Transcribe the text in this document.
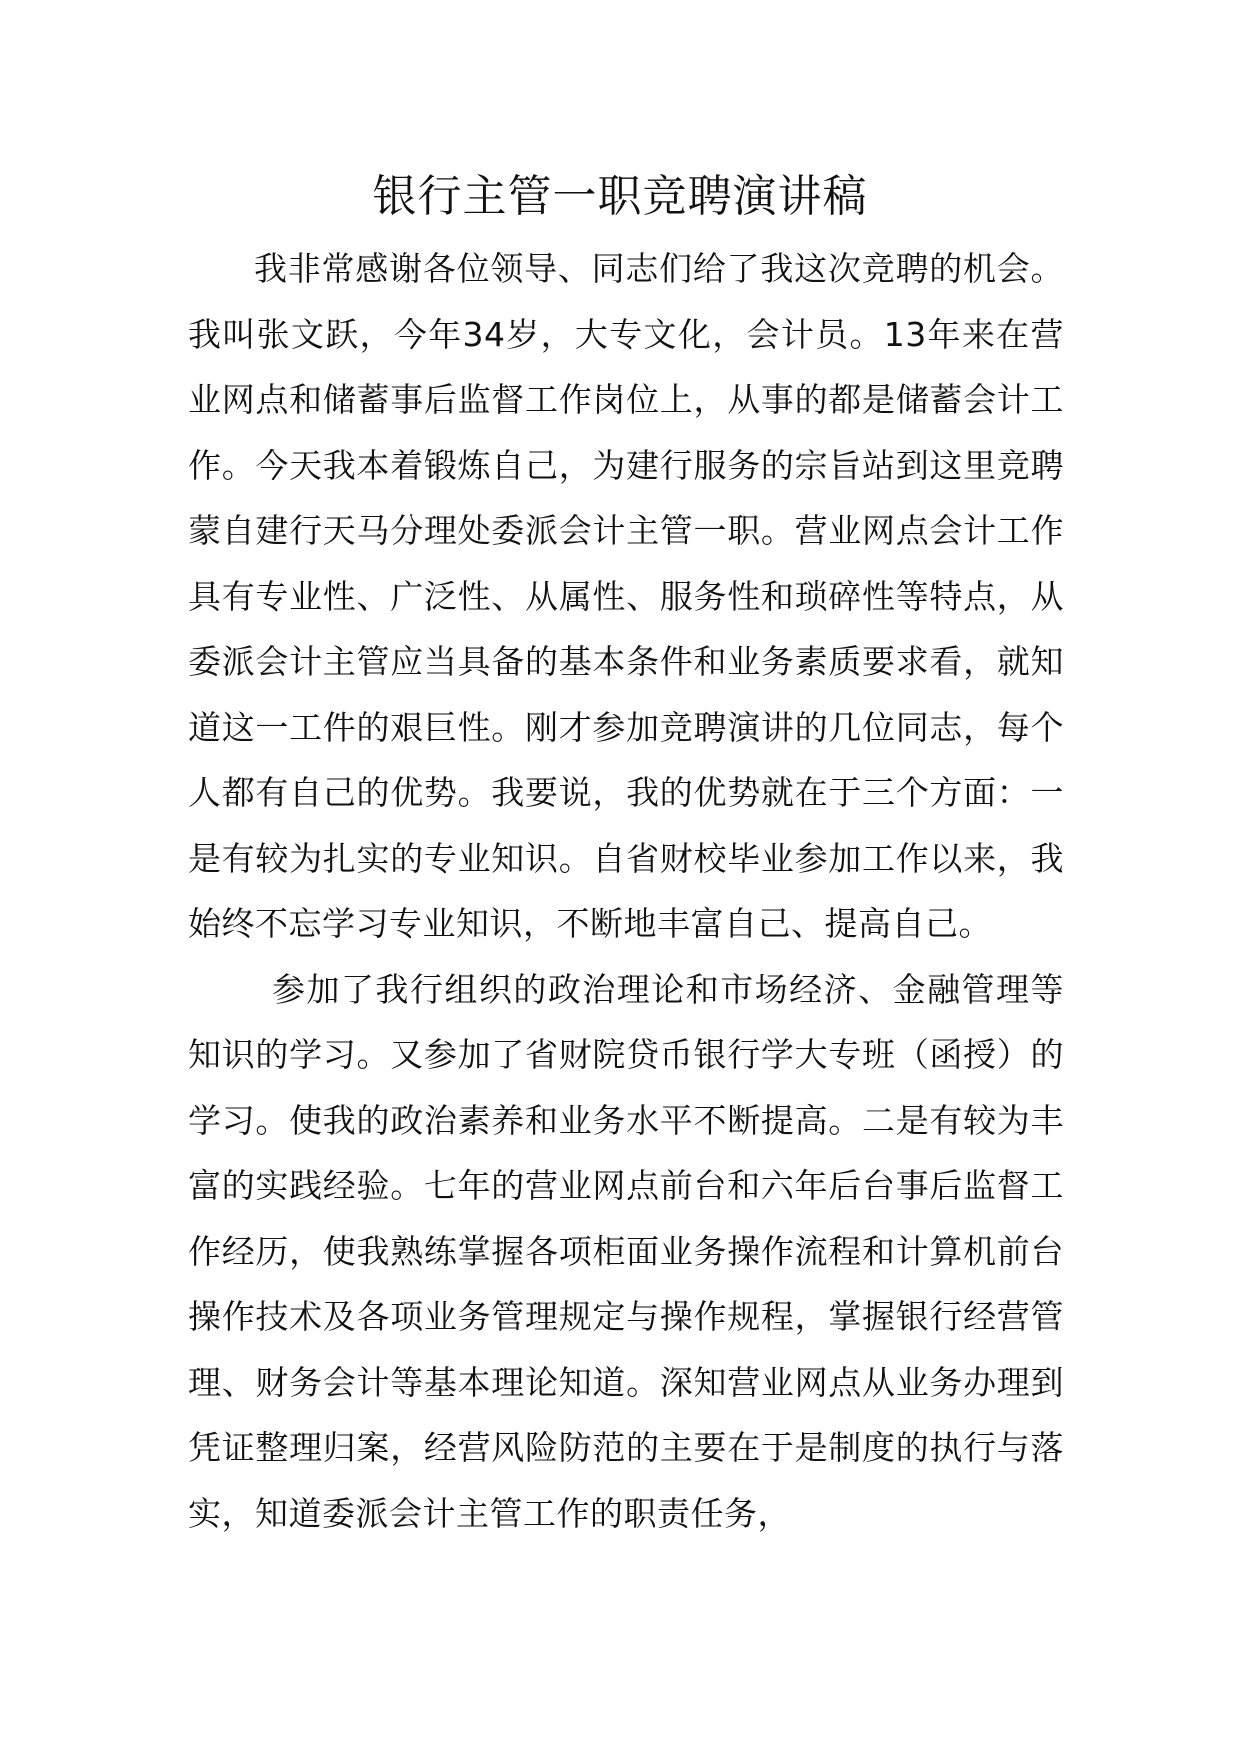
银行主管一职竞聘演讲稿

我非常感谢各位领导、同志们给了我这次竞聘的机会。我叫张文跃，今年34岁，大专文化，会计员。13年来在营业网点和储蓄事后监督工作岗位上，从事的都是储蓄会计工作。今天我本着锻炼自己，为建行服务的宗旨站到这里竞聘蒙自建行天马分理处委派会计主管一职。营业网点会计工作具有专业性、广泛性、从属性、服务性和琐碎性等特点，从委派会计主管应当具备的基本条件和业务素质要求看，就知道这一工件的艰巨性。刚才参加竞聘演讲的几位同志，每个人都有自己的优势。我要说，我的优势就在于三个方面：一是有较为扎实的专业知识。自省财校毕业参加工作以来，我始终不忘学习专业知识，不断地丰富自己、提高自己。

参加了我行组织的政治理论和市场经济、金融管理等知识的学习。又参加了省财院贷币银行学大专班（函授）的学习。使我的政治素养和业务水平不断提高。二是有较为丰富的实践经验。七年的营业网点前台和六年后台事后监督工作经历，使我熟练掌握各项柜面业务操作流程和计算机前台操作技术及各项业务管理规定与操作规程，掌握银行经营管理、财务会计等基本理论知道。深知营业网点从业务办理到凭证整理归案，经营风险防范的主要在于是制度的执行与落实，知道委派会计主管工作的职责任务，
